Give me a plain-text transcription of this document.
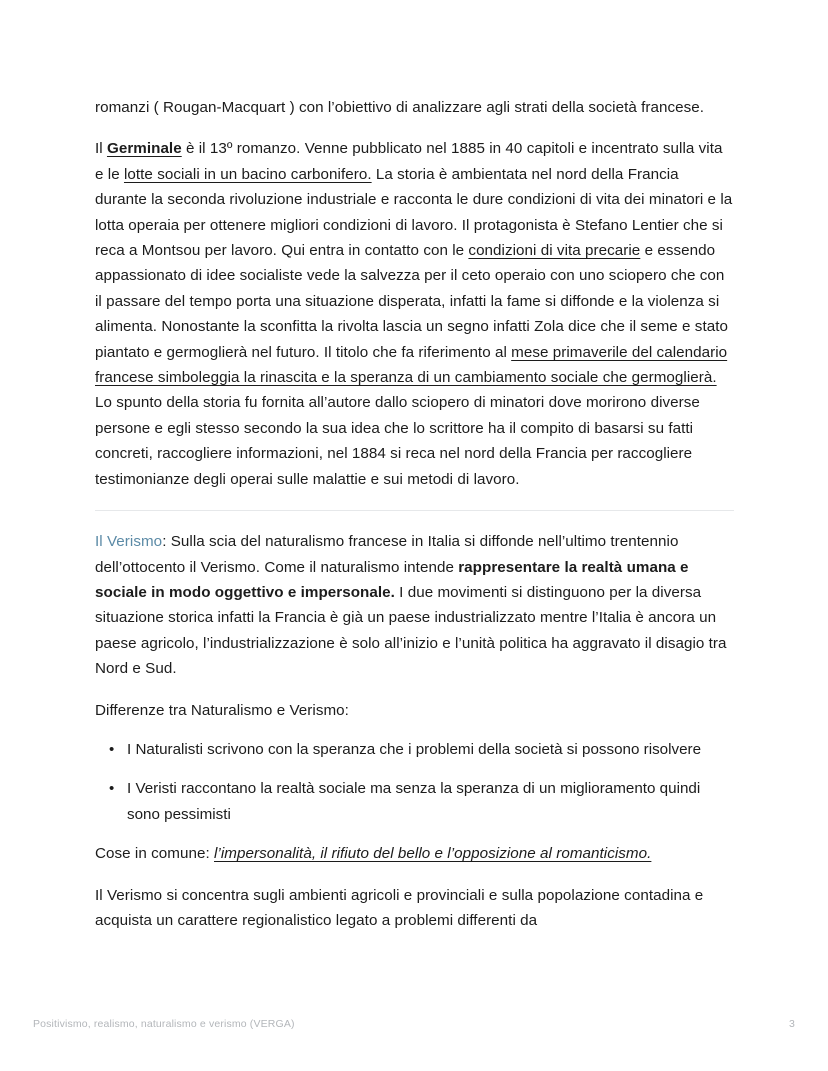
romanzi ( Rougan-Macquart ) con l’obiettivo di analizzare agli strati della società francese.

Il Germinale è il 13º romanzo. Venne pubblicato nel 1885 in 40 capitoli e incentrato sulla vita e le lotte sociali in un bacino carbonifero. La storia è ambientata nel nord della Francia durante la seconda rivoluzione industriale e racconta le dure condizioni di vita dei minatori e la lotta operaia per ottenere migliori condizioni di lavoro. Il protagonista è Stefano Lentier che si reca a Montsou per lavoro. Qui entra in contatto con le condizioni di vita precarie e essendo appassionato di idee socialiste vede la salvezza per il ceto operaio con uno sciopero che con il passare del tempo porta una situazione disperata, infatti la fame si diffonde e la violenza si alimenta. Nonostante la sconfitta la rivolta lascia un segno infatti Zola dice che il seme e stato piantato e germoglierà nel futuro. Il titolo che fa riferimento al mese primaverile del calendario francese simboleggia la rinascita e la speranza di un cambiamento sociale che germoglierà. Lo spunto della storia fu fornita all’autore dallo sciopero di minatori dove morirono diverse persone e egli stesso secondo la sua idea che lo scrittore ha il compito di basarsi su fatti concreti, raccogliere informazioni, nel 1884 si reca nel nord della Francia per raccogliere testimonianze degli operai sulle malattie e sui metodi di lavoro.

Il Verismo: Sulla scia del naturalismo francese in Italia si diffonde nell’ultimo trentennio dell’ottocento il Verismo. Come il naturalismo intende rappresentare la realtà umana e sociale in modo oggettivo e impersonale. I due movimenti si distinguono per la diversa situazione storica infatti la Francia è già un paese industrializzato mentre l’Italia è ancora un paese agricolo, l’industrializzazione è solo all’inizio e l’unità politica ha aggravato il disagio tra Nord e Sud.

Differenze tra Naturalismo e Verismo:

• I Naturalisti scrivono con la speranza che i problemi della società si possono risolvere
• I Veristi raccontano la realtà sociale ma senza la speranza di un miglioramento quindi sono pessimisti

Cose in comune: l’impersonalità, il rifiuto del bello e l’opposizione al romanticismo.

Il Verismo si concentra sugli ambienti agricoli e provinciali e sulla popolazione contadina e acquista un carattere regionalistico legato a problemi differenti da

Positivismo, realismo, naturalismo e verismo (VERGA)	3
